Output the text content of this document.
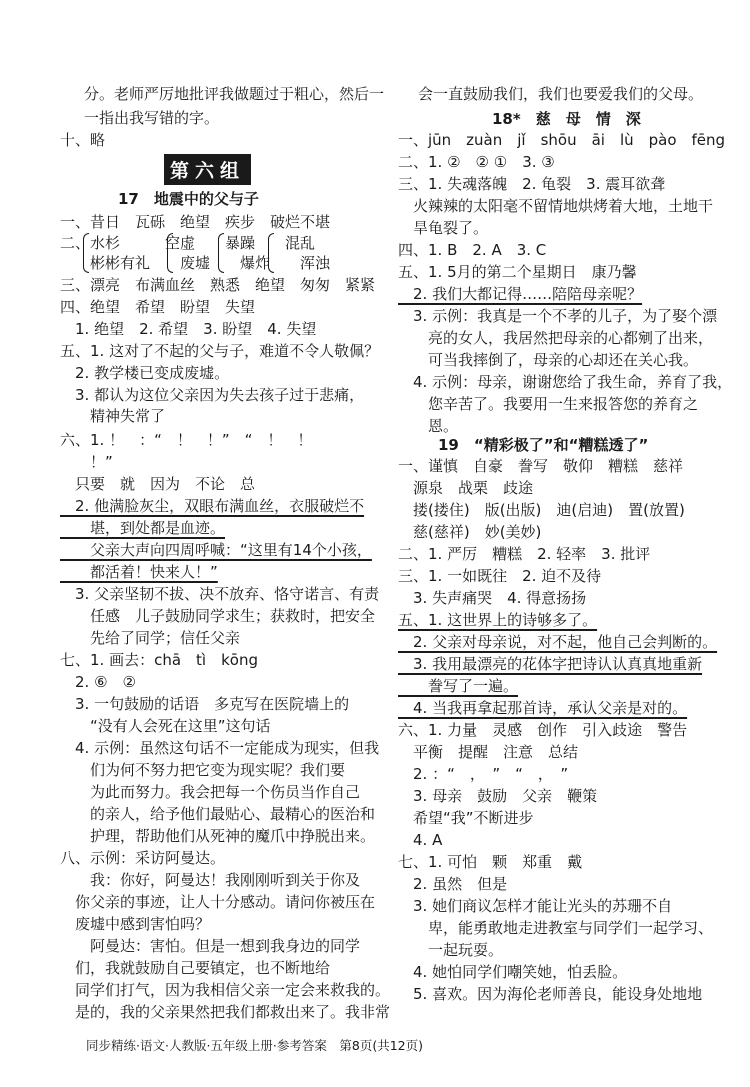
分。老师严厉地批评我做题过于粗心，然后一
一指出我写错的字。
十、略
第六组
17　地震中的父与子
一、昔日　瓦砾　绝望　疾步　破烂不堪
二、水杉　　　空虚　　暴躁　　混乱
　　彬彬有礼　　废墟　　爆炸　　浑浊
三、漂亮　布满血丝　熟悉　绝望　匆匆　紧紧
四、绝望　希望　盼望　失望
　1. 绝望　2. 希望　3. 盼望　4. 失望
五、1. 这对了不起的父与子，难道不令人敬佩？
　2. 教学楼已变成废墟。
　3. 都认为这位父亲因为失去孩子过于悲痛，
　　精神失常了
六、1. ！　：“　！　！”　“　！　！
　　！”
　只要　就　因为　不论　总
　2. 他满脸灰尘，双眼布满血丝，衣服破烂不
　　堪，到处都是血迹。
　　父亲大声向四周呼喊：“这里有14个小孩，
　　都活着！快来人！”
　3. 父亲坚韧不拔、决不放弃、恪守诺言、有责
　　任感　儿子鼓励同学求生；获救时，把安全
　　先给了同学；信任父亲
七、1. 画去：chā　tì　kōng
　2. ⑥　②
　3. 一句鼓励的话语　多克写在医院墙上的
　　“没有人会死在这里”这句话
　4. 示例：虽然这句话不一定能成为现实，但我
　　们为何不努力把它变为现实呢？我们要
　　为此而努力。我会把每一个伤员当作自己
　　的亲人，给予他们最贴心、最精心的医治和
　　护理，帮助他们从死神的魔爪中挣脱出来。
八、示例：采访阿曼达。
　　我：你好，阿曼达！我刚刚听到关于你及
　你父亲的事迹，让人十分感动。请问你被压在
　废墟中感到害怕吗？
　　阿曼达：害怕。但是一想到我身边的同学
　们，我就鼓励自己要镇定，也不断地给
　同学们打气，因为我相信父亲一定会来救我的。
　是的，我的父亲果然把我们都救出来了。我非常
会一直鼓励我们，我们也要爱我们的父母。
18*　慈　母　情　深
一、jūn　zuàn　jǐ　shōu　āi　lù　pào　fēng
二、1. ②　② ①　3. ③
三、1. 失魂落魄　2. 龟裂　3. 震耳欲聋
　火辣辣的太阳毫不留情地烘烤着大地，土地干
　旱龟裂了。
四、1. B　2. A　3. C
五、1. 5月的第二个星期日　康乃馨
　2. 我们大都记得……陪陪母亲呢？
　3. 示例：我真是一个不孝的儿子，为了娶个漂
　　亮的女人，我居然把母亲的心都剜了出来，
　　可当我摔倒了，母亲的心却还在关心我。
　4. 示例：母亲，谢谢您给了我生命，养育了我，
　　您辛苦了。我要用一生来报答您的养育之
　　恩。
19　“精彩极了”和“糟糕透了”
一、谨慎　自豪　誊写　敬仰　糟糕　慈祥
　源泉　战栗　歧途
　搂(搂住)　版(出版)　迪(启迪)　置(放置)
　慈(慈祥)　妙(美妙)
二、1. 严厉　糟糕　2. 轻率　3. 批评
三、1. 一如既往　2. 迫不及待
　3. 失声痛哭　4. 得意扬扬
五、1. 这世界上的诗够多了。
　2. 父亲对母亲说，对不起，他自己会判断的。
　3. 我用最漂亮的花体字把诗认认真真地重新
　　誊写了一遍。
　4. 当我再拿起那首诗，承认父亲是对的。
六、1. 力量　灵感　创作　引入歧途　警告
　平衡　提醒　注意　总结
　2. ：“　，　”　“　，　”
　3. 母亲　鼓励　父亲　鞭策
　希望“我”不断进步
　4. A
七、1. 可怕　颗　郑重　戴
　2. 虽然　但是
　3. 她们商议怎样才能让光头的苏珊不自
　　卑，能勇敢地走进教室与同学们一起学习、
　　一起玩耍。
　4. 她怕同学们嘲笑她，怕丢脸。
　5. 喜欢。因为海伦老师善良，能设身处地地
同步精练·语文·人教版·五年级上册·参考答案　第8页(共12页)
